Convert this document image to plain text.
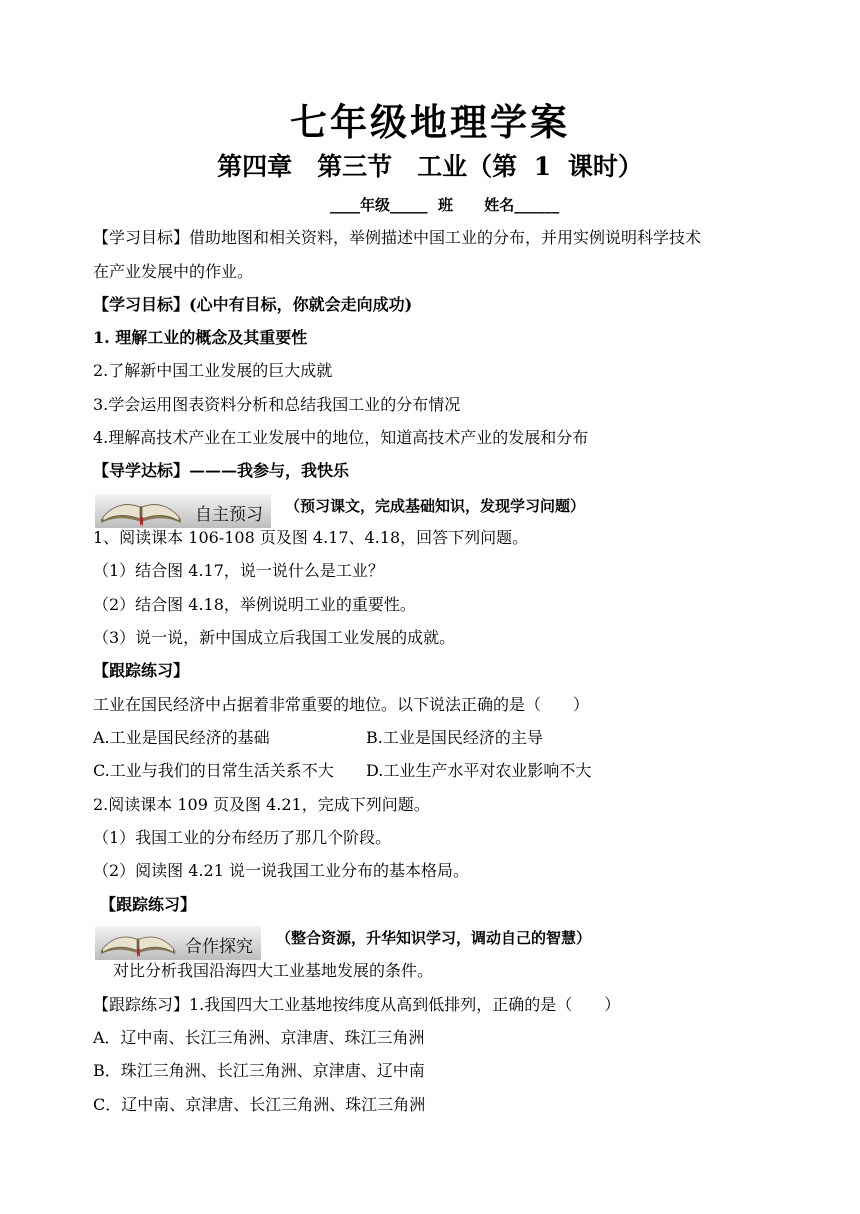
七年级地理学案
第四章　第三节　工业（第 1 课时）
____年级_____  班      姓名______
【学习目标】借助地图和相关资料，举例描述中国工业的分布，并用实例说明科学技术
在产业发展中的作业。
【学习目标】(心中有目标，你就会走向成功)
1. 理解工业的概念及其重要性
2.了解新中国工业发展的巨大成就
3.学会运用图表资料分析和总结我国工业的分布情况
4.理解高技术产业在工业发展中的地位，知道高技术产业的发展和分布
【导学达标】———我参与，我快乐
自主预习 （预习课文，完成基础知识，发现学习问题）
1、阅读课本 106-108 页及图 4.17、4.18，回答下列问题。
（1）结合图 4.17，说一说什么是工业？
（2）结合图 4.18，举例说明工业的重要性。
（3）说一说，新中国成立后我国工业发展的成就。
【跟踪练习】
工业在国民经济中占据着非常重要的地位。以下说法正确的是（　　）
A.工业是国民经济的基础	B.工业是国民经济的主导
C.工业与我们的日常生活关系不大 D.工业生产水平对农业影响不大
2.阅读课本 109 页及图 4.21，完成下列问题。
（1）我国工业的分布经历了那几个阶段。
（2）阅读图 4.21 说一说我国工业分布的基本格局。
【跟踪练习】
合作探究 （整合资源，升华知识学习，调动自己的智慧）
对比分析我国沿海四大工业基地发展的条件。
【跟踪练习】1.我国四大工业基地按纬度从高到低排列，正确的是（　　）
A．辽中南、长江三角洲、京津唐、珠江三角洲
B．珠江三角洲、长江三角洲、京津唐、辽中南
C．辽中南、京津唐、长江三角洲、珠江三角洲
